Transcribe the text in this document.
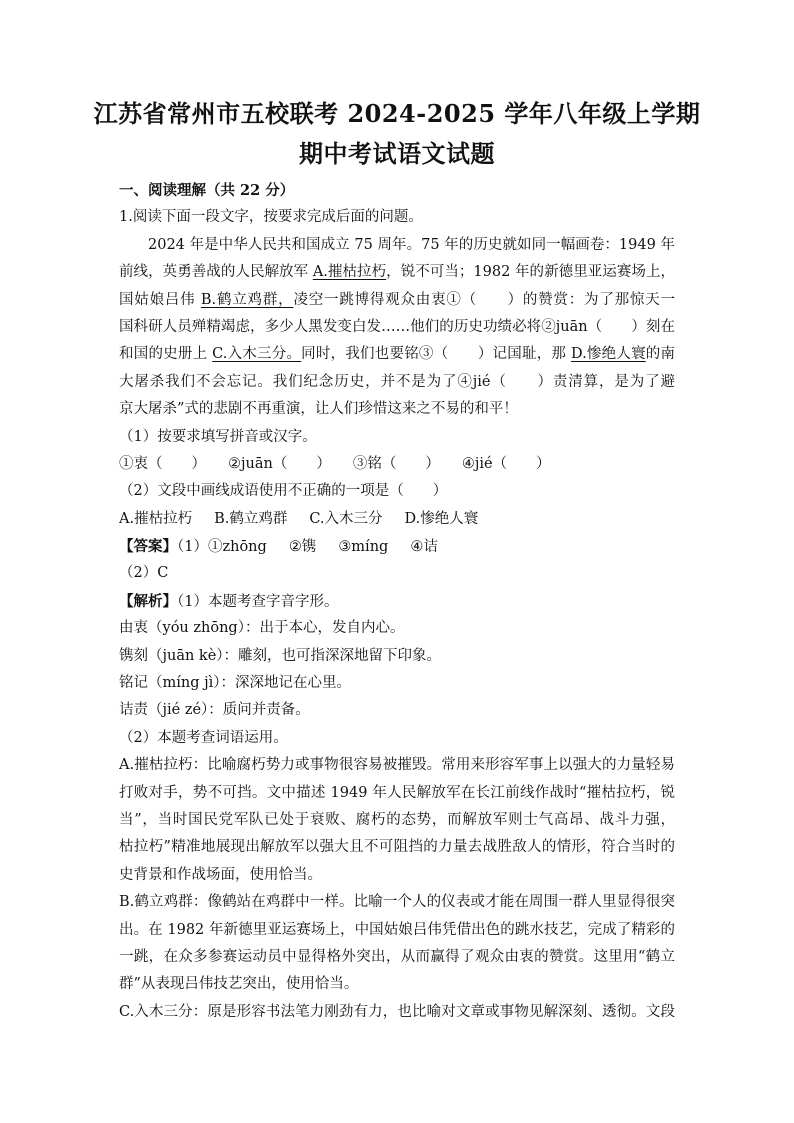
江苏省常州市五校联考 2024-2025 学年八年级上学期
期中考试语文试题
一、阅读理解（共 22 分）
1.阅读下面一段文字，按要求完成后面的问题。
2024 年是中华人民共和国成立 75 周年。75 年的历史就如同一幅画卷：1949 年
前线，英勇善战的人民解放军 A.摧枯拉朽，锐不可当；1982 年的新德里亚运赛场上，
国姑娘吕伟 B.鹤立鸡群，凌空一跳博得观众由衷①（　　）的赞赏：为了那惊天一
国科研人员殚精竭虑，多少人黑发变白发……他们的历史功绩必将②juān（　　）刻在
和国的史册上 C.入木三分。同时，我们也要铭③（　　）记国耻，那 D.惨绝人寰的南
大屠杀我们不会忘记。我们纪念历史，并不是为了④jié（　　）责清算，是为了避
京大屠杀”式的悲剧不再重演，让人们珍惜这来之不易的和平！
（1）按要求填写拼音或汉字。
①衷（　　） ②juān（　　） ③铭（　　） ④jié（　　）
（2）文段中画线成语使用不正确的一项是（　　）
A.摧枯拉朽 B.鹤立鸡群 C.入木三分 D.惨绝人寰
【答案】（1）①zhōng ②镌 ③míng ④诘
（2）C
【解析】（1）本题考查字音字形。
由衷（yóu zhōng）：出于本心，发自内心。
镌刻（juān kè）：雕刻，也可指深深地留下印象。
铭记（míng jì）：深深地记在心里。
诘责（jié zé）：质问并责备。
（2）本题考查词语运用。
A.摧枯拉朽：比喻腐朽势力或事物很容易被摧毁。常用来形容军事上以强大的力量轻易
打败对手，势不可挡。文中描述 1949 年人民解放军在长江前线作战时“摧枯拉朽，锐
当”，当时国民党军队已处于衰败、腐朽的态势，而解放军则士气高昂、战斗力强，
枯拉朽”精准地展现出解放军以强大且不可阻挡的力量去战胜敌人的情形，符合当时的
史背景和作战场面，使用恰当。
B.鹤立鸡群：像鹤站在鸡群中一样。比喻一个人的仪表或才能在周围一群人里显得很突
出。在 1982 年新德里亚运赛场上，中国姑娘吕伟凭借出色的跳水技艺，完成了精彩的
一跳，在众多参赛运动员中显得格外突出，从而赢得了观众由衷的赞赏。这里用“鹤立
群”从表现吕伟技艺突出，使用恰当。
C.入木三分：原是形容书法笔力刚劲有力，也比喻对文章或事物见解深刻、透彻。文段
